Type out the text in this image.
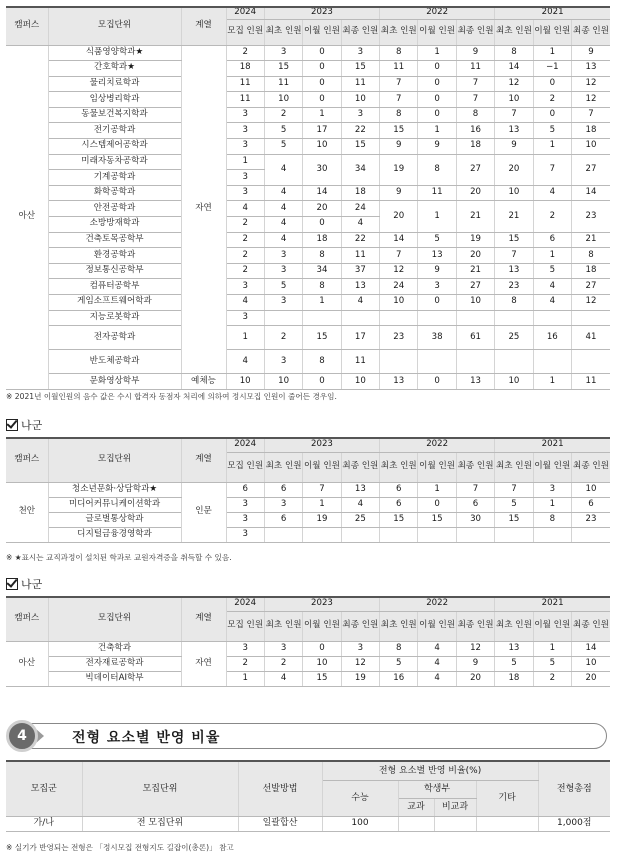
캠퍼스	모집단위	계열	2024	2023			2022			2021		
			모집 인원	최초 인원	이월 인원	최종 인원	최초 인원	이월 인원	최종 인원	최초 인원	이월 인원	최종 인원
아산	식품영양학과★	자연	2	3	0	3	8	1	9	8	1	9
	간호학과★		18	15	0	15	11	0	11	14	−1	13
	물리치료학과		11	11	0	11	7	0	7	12	0	12
	임상병리학과		11	10	0	10	7	0	7	10	2	12
	동물보건복지학과		3	2	1	3	8	0	8	7	0	7
	전기공학과		3	5	17	22	15	1	16	13	5	18
	시스템제어공학과		3	5	10	15	9	9	18	9	1	10
	미래자동차공학과		1	4	30	34	19	8	27	20	7	27
	기계공학과		3									
	화학공학과		3	4	14	18	9	11	20	10	4	14
	안전공학과		4	4	20	24	20	1	21	21	2	23
	소방방재학과		2	4	0	4						
	건축토목공학부		2	4	18	22	14	5	19	15	6	21
	환경공학과		2	3	8	11	7	13	20	7	1	8
	정보통신공학부		2	3	34	37	12	9	21	13	5	18
	컴퓨터공학부		3	5	8	13	24	3	27	23	4	27
	게임소프트웨어학과		4	3	1	4	10	0	10	8	4	12
	지능로봇학과		3									
	전자공학과		1	2	15	17	23	38	61	25	16	41
	반도체공학과		4	3	8	11						
	문화영상학부	예체능	10	10	0	10	13	0	13	10	1	11
※ 2021년 이월인원의 음수 값은 수시 합격자 동점자 처리에 의하여 정시모집 인원이 줄어든 경우임.
나군
캠퍼스	모집단위	계열	2024	2023			2022			2021		
			모집 인원	최초 인원	이월 인원	최종 인원	최초 인원	이월 인원	최종 인원	최초 인원	이월 인원	최종 인원
천안	청소년문화·상담학과★	인문	6	6	7	13	6	1	7	7	3	10
	미디어커뮤니케이션학과		3	3	1	4	6	0	6	5	1	6
	글로벌통상학과		3	6	19	25	15	15	30	15	8	23
	디지털금융경영학과		3									
※ ★표시는 교직과정이 설치된 학과로 교원자격증을 취득할 수 있음.
나군
캠퍼스	모집단위	계열	2024	2023			2022			2021		
			모집 인원	최초 인원	이월 인원	최종 인원	최초 인원	이월 인원	최종 인원	최초 인원	이월 인원	최종 인원
아산	건축학과	자연	3	3	0	3	8	4	12	13	1	14
	전자재료공학과		2	2	10	12	5	4	9	5	5	10
	빅데이터AI학부		1	4	15	19	16	4	20	18	2	20
4	전형 요소별 반영 비율
모집군	모집단위	선발방법	전형 요소별 반영 비율(%)				전형총점
			수능	학생부		기타	
				교과	비교과		
가/나	전 모집단위	일괄합산	100				1,000점
※ 실기가 반영되는 전형은 「정시모집 전형지도 길잡이(총론)」 참고
